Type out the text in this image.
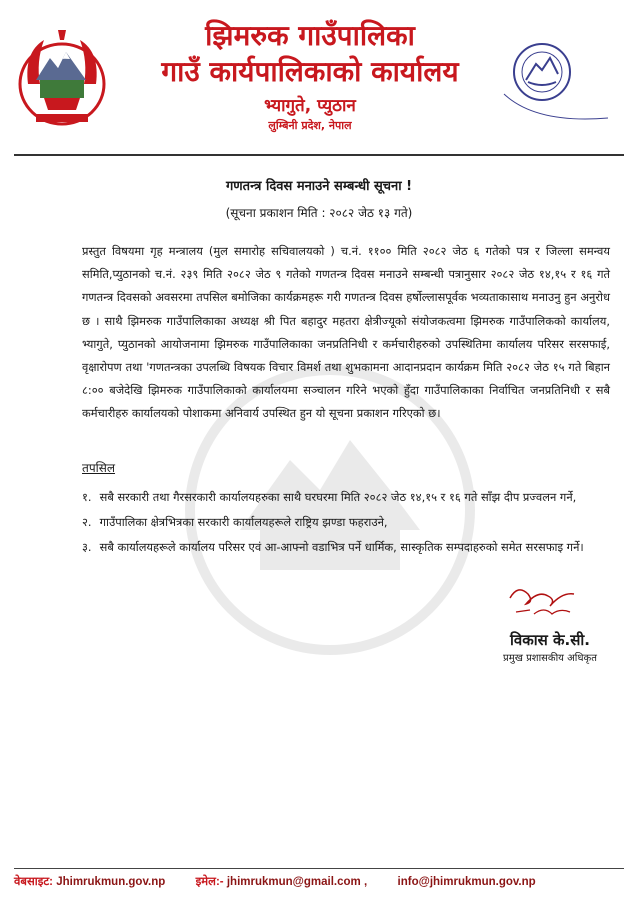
झिमरुक गाउँपालिका
गाउँ कार्यपालिकाको कार्यालय
भ्यागुते, प्युठान
लुम्बिनी प्रदेश, नेपाल
गणतन्त्र दिवस मनाउने सम्बन्धी सूचना !
(सूचना प्रकाशन मिति : २०८२ जेठ १३ गते)
प्रस्तुत विषयमा गृह मन्त्रालय (मुल समारोह सचिवालयको ) च.नं. ११०० मिति २०८२ जेठ ६ गतेको पत्र र जिल्ला समन्वय समिति,प्युठानको च.नं. २३९ मिति २०८२ जेठ ९ गतेको गणतन्त्र दिवस मनाउने सम्बन्धी पत्रानुसार २०८२ जेठ १४,१५ र १६ गते गणतन्त्र दिवसको अवसरमा तपसिल बमोजिका कार्यक्रमहरू गरी गणतन्त्र दिवस हर्षोल्लासपूर्वक भव्यताकासाथ मनाउनु हुन अनुरोध छ । साथै झिमरुक गाउँपालिकाका अध्यक्ष श्री पित बहादुर महतरा क्षेत्रीज्यूको संयोजकत्वमा झिमरुक गाउँपालिकको कार्यालय, भ्यागुते, प्युठानको आयोजनामा झिमरुक गाउँपालिकाका जनप्रतिनिधी र कर्मचारीहरुको उपस्थितिमा कार्यालय परिसर सरसफाई, वृक्षारोपण तथा 'गणतन्त्रका उपलब्धि विषयक विचार विमर्श तथा शुभकामना आदानप्रदान कार्यक्रम मिति २०८२ जेठ १५ गते बिहान ८:०० बजेदेखि झिमरुक गाउँपालिकाको कार्यालयमा सञ्चालन गरिने भएको हुँदा गाउँपालिकाका निर्वाचित जनप्रतिनिधी र सबै कर्मचारीहरु कार्यालयको पोशाकमा अनिवार्य उपस्थित हुन यो सूचना प्रकाशन गरिएको छ।
तपसिल
१. सबै सरकारी तथा गैरसरकारी कार्यालयहरुका साथै घरघरमा मिति २०८२ जेठ १४,१५ र १६ गते साँझ दीप प्रज्वलन गर्ने,
२. गाउँपालिका क्षेत्रभित्रका सरकारी कार्यालयहरूले राष्ट्रिय झण्डा फहराउने,
३. सबै कार्यालयहरूले कार्यालय परिसर एवं आ-आफ्नो वडाभित्र पर्ने धार्मिक, सास्कृतिक सम्पदाहरुको समेत सरसफाइ गर्ने।
विकास के.सी.
प्रमुख प्रशासकीय अधिकृत
वेबसाइट: Jhimrukmun.gov.np	इमेल:- jhimrukmun@gmail.com ,	info@jhimrukmun.gov.np
